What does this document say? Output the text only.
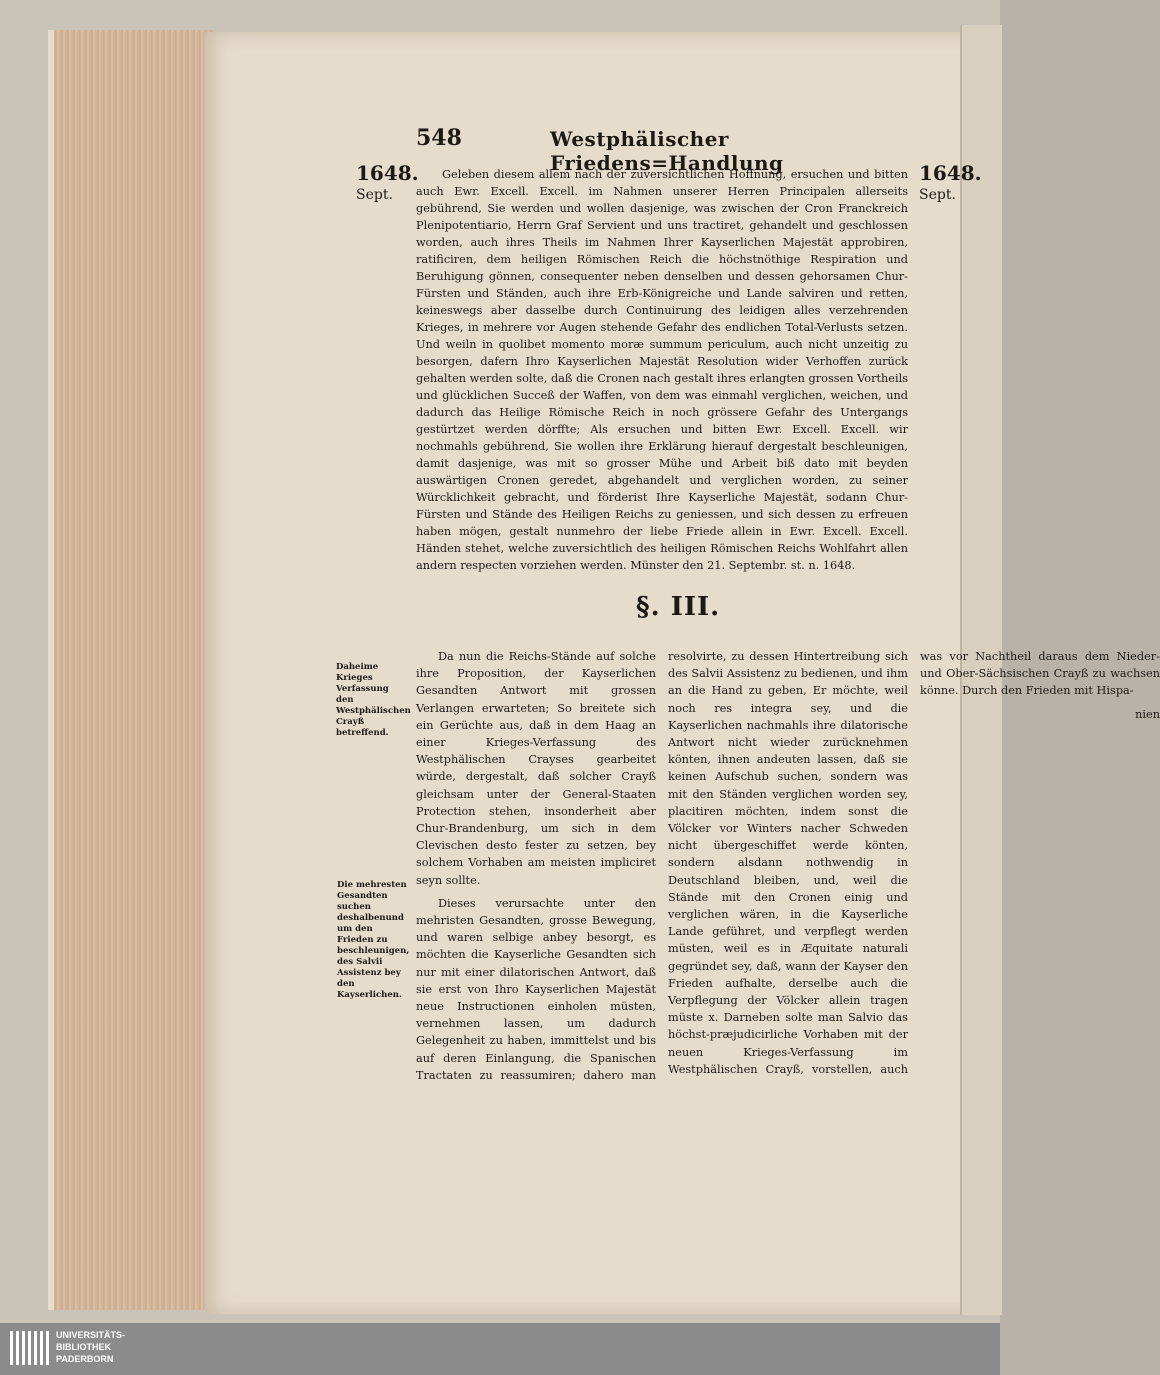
548	Westphälischer Friedens=Handlung
1648.
Sept.
1648.
Sept.

Geleben diesem allem nach der zuversichtlichen Hoffnung, ersuchen und bitten auch Ewr. Excell. Excell. im Nahmen unserer Herren Principalen allerseits gebührend, Sie werden und wollen dasjenige, was zwischen der Cron Franckreich Plenipotentiario, Herrn Graf Servient und uns tractiret, gehandelt und geschlossen worden, auch ihres Theils im Nahmen Ihrer Kayserlichen Majestät approbiren, ratificiren, dem heiligen Römischen Reich die höchstnöthige Respiration und Beruhigung gönnen, consequenter neben denselben und dessen gehorsamen Chur-Fürsten und Ständen, auch ihre Erb-Königreiche und Lande salviren und retten, keineswegs aber dasselbe durch Continuirung des leidigen alles verzehrenden Krieges, in mehrere vor Augen stehende Gefahr des endlichen Total-Verlusts setzen. Und weiln in quolibet momento moræ summum periculum, auch nicht unzeitig zu besorgen, dafern Ihro Kayserlichen Majestät Resolution wider Verhoffen zurück gehalten werden solte, daß die Cronen nach gestalt ihres erlangten grossen Vortheils und glücklichen Succeß der Waffen, von dem was einmahl verglichen, weichen, und dadurch das Heilige Römische Reich in noch grössere Gefahr des Untergangs gestürtzet werden dörffte; Als ersuchen und bitten Ewr. Excell. Excell. wir nochmahls gebührend, Sie wollen ihre Erklärung hierauf dergestalt beschleunigen, damit dasjenige, was mit so grosser Mühe und Arbeit biß dato mit beyden auswärtigen Cronen geredet, abgehandelt und verglichen worden, zu seiner Würcklichkeit gebracht, und förderist Ihre Kayserliche Majestät, sodann Chur-Fürsten und Stände des Heiligen Reichs zu geniessen, und sich dessen zu erfreuen haben mögen, gestalt nunmehro der liebe Friede allein in Ewr. Excell. Excell. Händen stehet, welche zuversichtlich des heiligen Römischen Reichs Wohlfahrt allen andern respecten vorziehen werden. Münster den 21. Septembr. st. n. 1648.

§. III.
Daheime Krieges Verfassung den Westphälischen Crayß betreffend.
Die mehresten Gesandten suchen deshalbenund um den Frieden zu beschleunigen, des Salvii Assistenz bey den Kayserlichen.

Da nun die Reichs-Stände auf solche ihre Proposition, der Kayserlichen Gesandten Antwort mit grossen Verlangen erwarteten; So breitete sich ein Gerüchte aus, daß in dem Haag an einer Krieges-Verfassung des Westphälischen Crayses gearbeitet würde, dergestalt, daß solcher Crayß gleichsam unter der General-Staaten Protection stehen, insonderheit aber Chur-Brandenburg, um sich in dem Clevischen desto fester zu setzen, bey solchem Vorhaben am meisten impliciret seyn sollte.

Dieses verursachte unter den mehristen Gesandten, grosse Bewegung, und waren selbige anbey besorgt, es möchten die Kayserliche Gesandten sich nur mit einer dilatorischen Antwort, daß sie erst von Ihro Kayserlichen Majestät neue Instructionen einholen müsten, vernehmen lassen, um dadurch Gelegenheit zu haben, immittelst und bis auf deren Einlangung, die Spanischen Tractaten zu reassumiren; dahero man resolvirte, zu dessen Hintertreibung sich des Salvii Assistenz zu bedienen, und ihm an die Hand zu geben, Er möchte, weil noch res integra sey, und die Kayserlichen nachmahls ihre dilatorische Antwort nicht wieder zurücknehmen könten, ihnen andeuten lassen, daß sie keinen Aufschub suchen, sondern was mit den Ständen verglichen worden sey, placitiren möchten, indem sonst die Völcker vor Winters nacher Schweden nicht übergeschiffet werde könten, sondern alsdann nothwendig in Deutschland bleiben, und, weil die Stände mit den Cronen einig und verglichen wären, in die Kayserliche Lande geführet, und verpflegt werden müsten, weil es in Æquitate naturali gegründet sey, daß, wann der Kayser den Frieden aufhalte, derselbe auch die Verpflegung der Völcker allein tragen müste x. Darneben solte man Salvio das höchst-præjudicirliche Vorhaben mit der neuen Krieges-Verfassung im Westphälischen Crayß, vorstellen, auch was vor Nachtheil daraus dem Nieder- und Ober-Sächsischen Crayß zu wachsen könne. Durch den Frieden mit Hispa-

nien
UNIVERSITÄTS-
BIBLIOTHEK
PADERBORN
